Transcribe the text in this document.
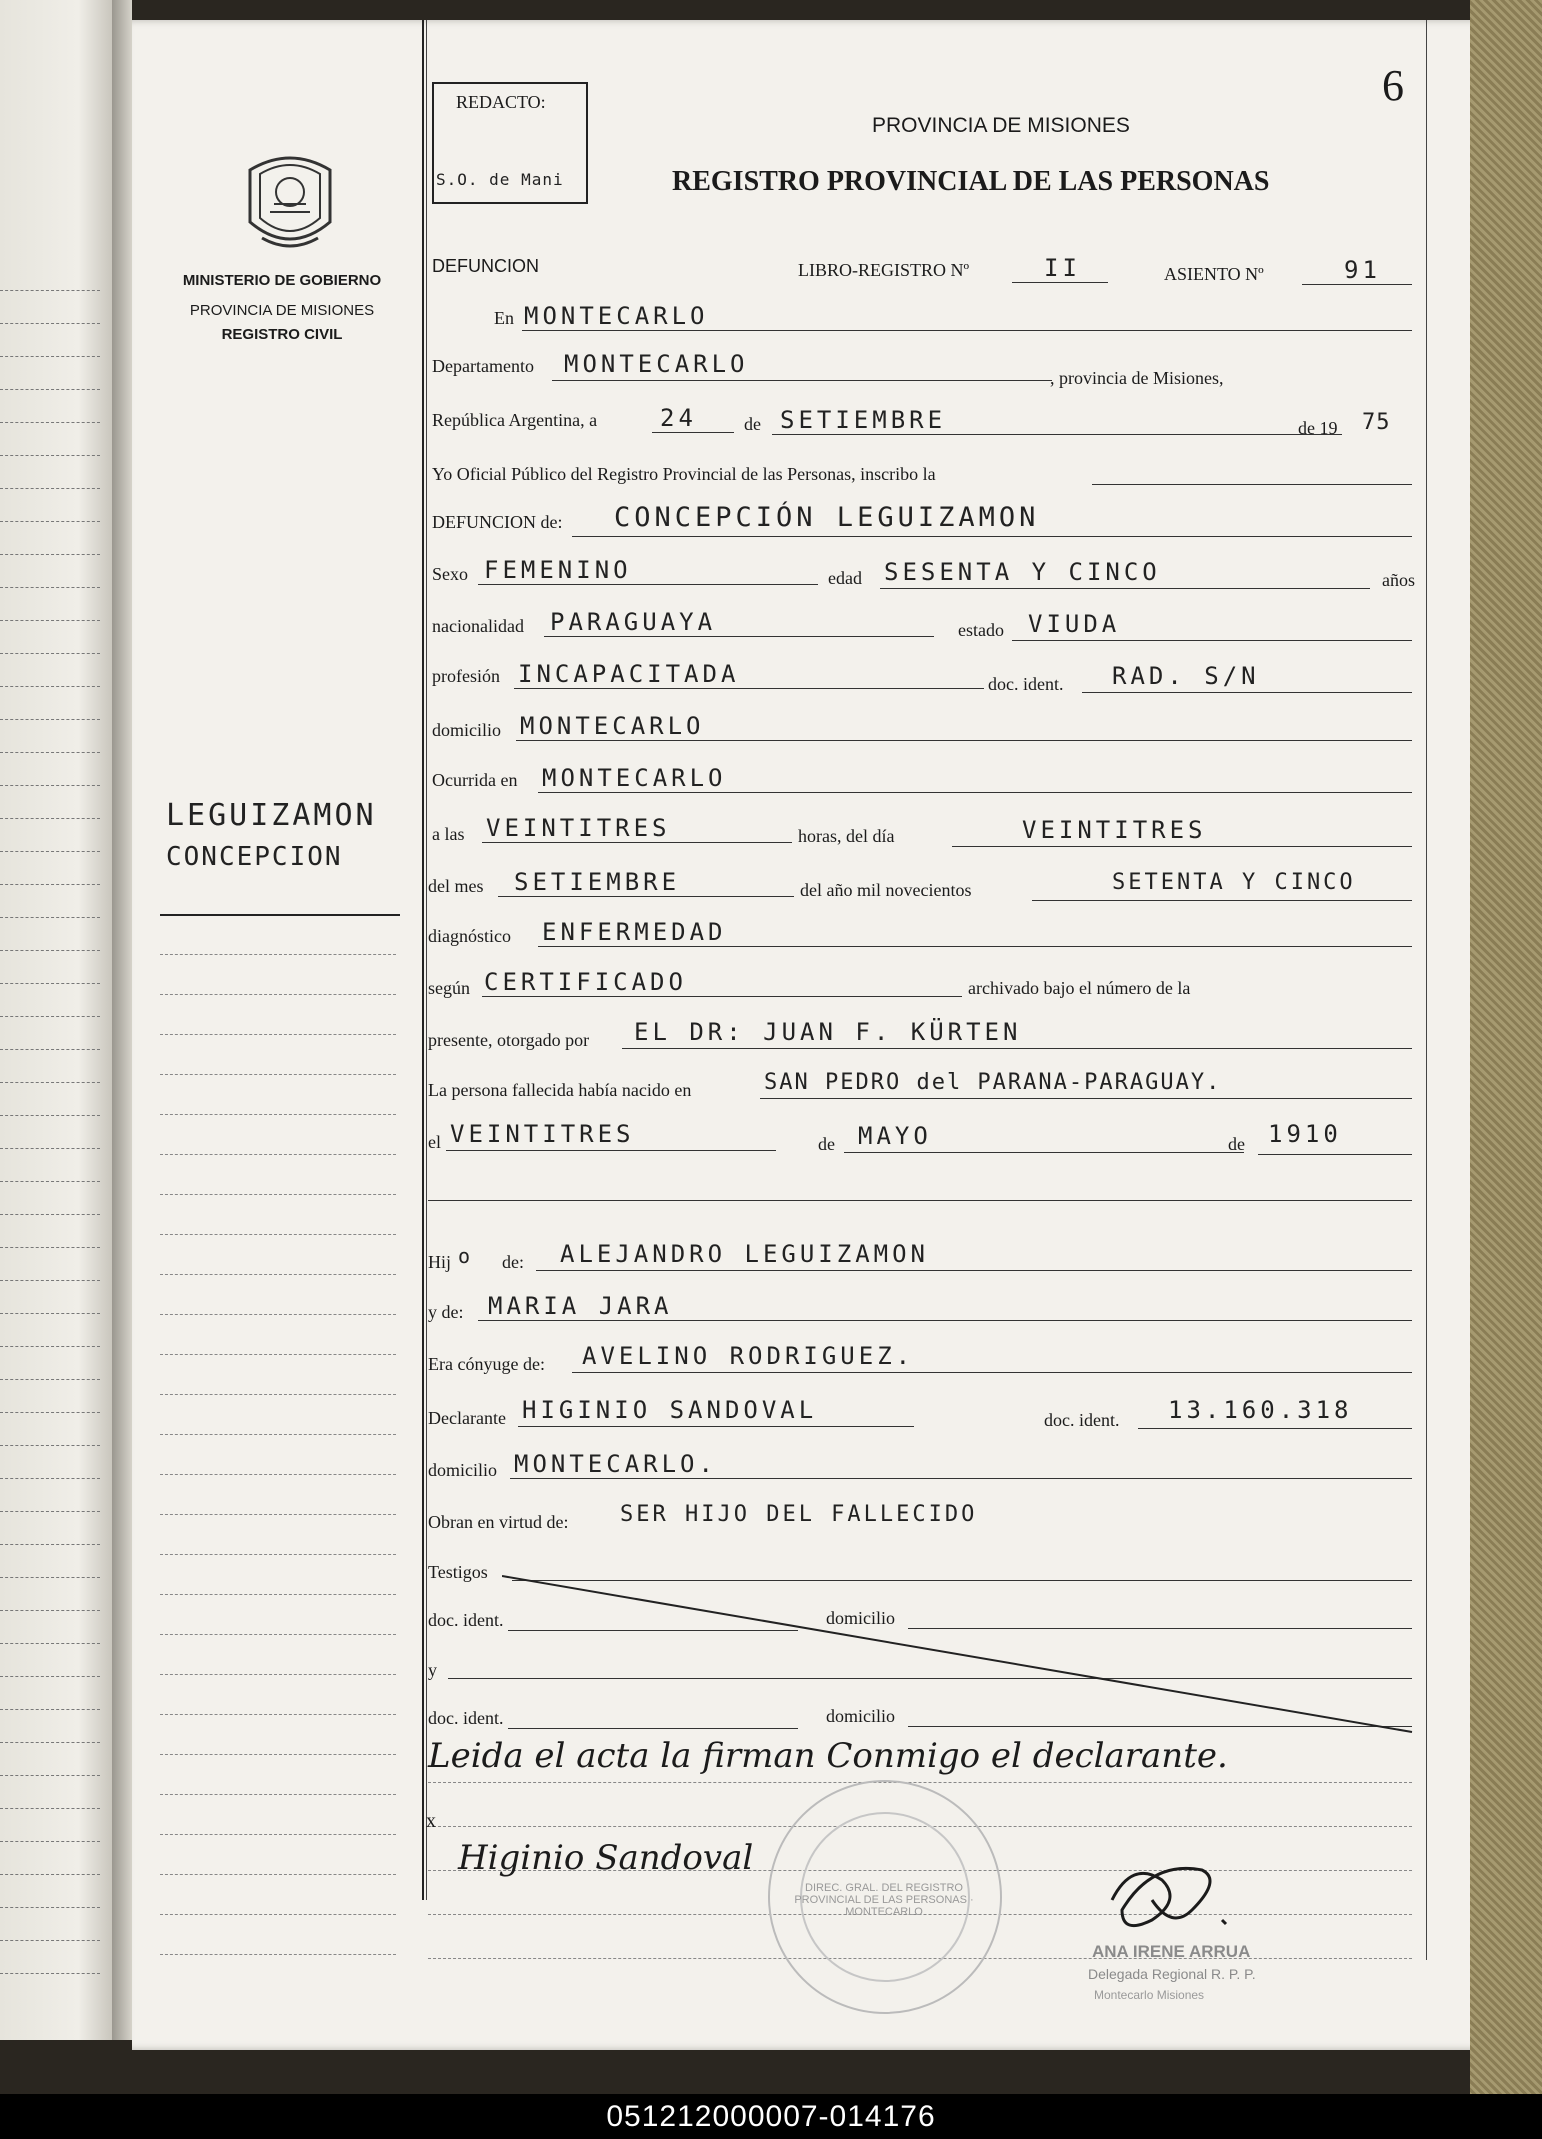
6
REDACTO:
S.O. de Mani
MINISTERIO DE GOBIERNO
PROVINCIA DE MISIONES
REGISTRO CIVIL
LEGUIZAMON
CONCEPCION
PROVINCIA DE MISIONES
REGISTRO PROVINCIAL DE LAS PERSONAS
DEFUNCION	LIBRO-REGISTRO Nº	II	ASIENTO Nº	91
En MONTECARLO
Departamento MONTECARLO	, provincia de Misiones,
República Argentina, a	24	de SETIEMBRE	de 19 75
Yo Oficial Público del Registro Provincial de las Personas, inscribo la
DEFUNCION de: CONCEPCIÓN LEGUIZAMON
Sexo FEMENINO	edad SESENTA Y CINCO	años
nacionalidad PARAGUAYA	estado VIUDA
profesión INCAPACITADA	doc. ident. RAD. S/N
domicilio MONTECARLO
Ocurrida en MONTECARLO
a las VEINTITRES	horas, del día	VEINTITRES
del mes SETIEMBRE	del año mil novecientos	SETENTA Y CINCO
diagnóstico ENFERMEDAD
según CERTIFICADO	archivado bajo el número de la
presente, otorgado por EL DR: JUAN F. KÜRTEN
La persona fallecida había nacido en	SAN PEDRO del PARANA-PARAGUAY.
el VEINTITRES	de MAYO	de 1910
Hij o de: ALEJANDRO LEGUIZAMON
y de: MARIA JARA
Era cónyuge de: AVELINO RODRIGUEZ.
Declarante HIGINIO SANDOVAL	doc. ident. 13.160.318
domicilio MONTECARLO.
Obran en virtud de: SER HIJO DEL FALLECIDO
Testigos
doc. ident.	domicilio
y
doc. ident.	domicilio
Leida el acta la firman Conmigo el declarante.
x
Higinio Sandoval
DIREC. GRAL. DEL REGISTRO PROVINCIAL DE LAS PERSONAS · MONTECARLO
ANA IRENE ARRUA
Delegada Regional R. P. P.
Montecarlo Misiones
051212000007-014176
